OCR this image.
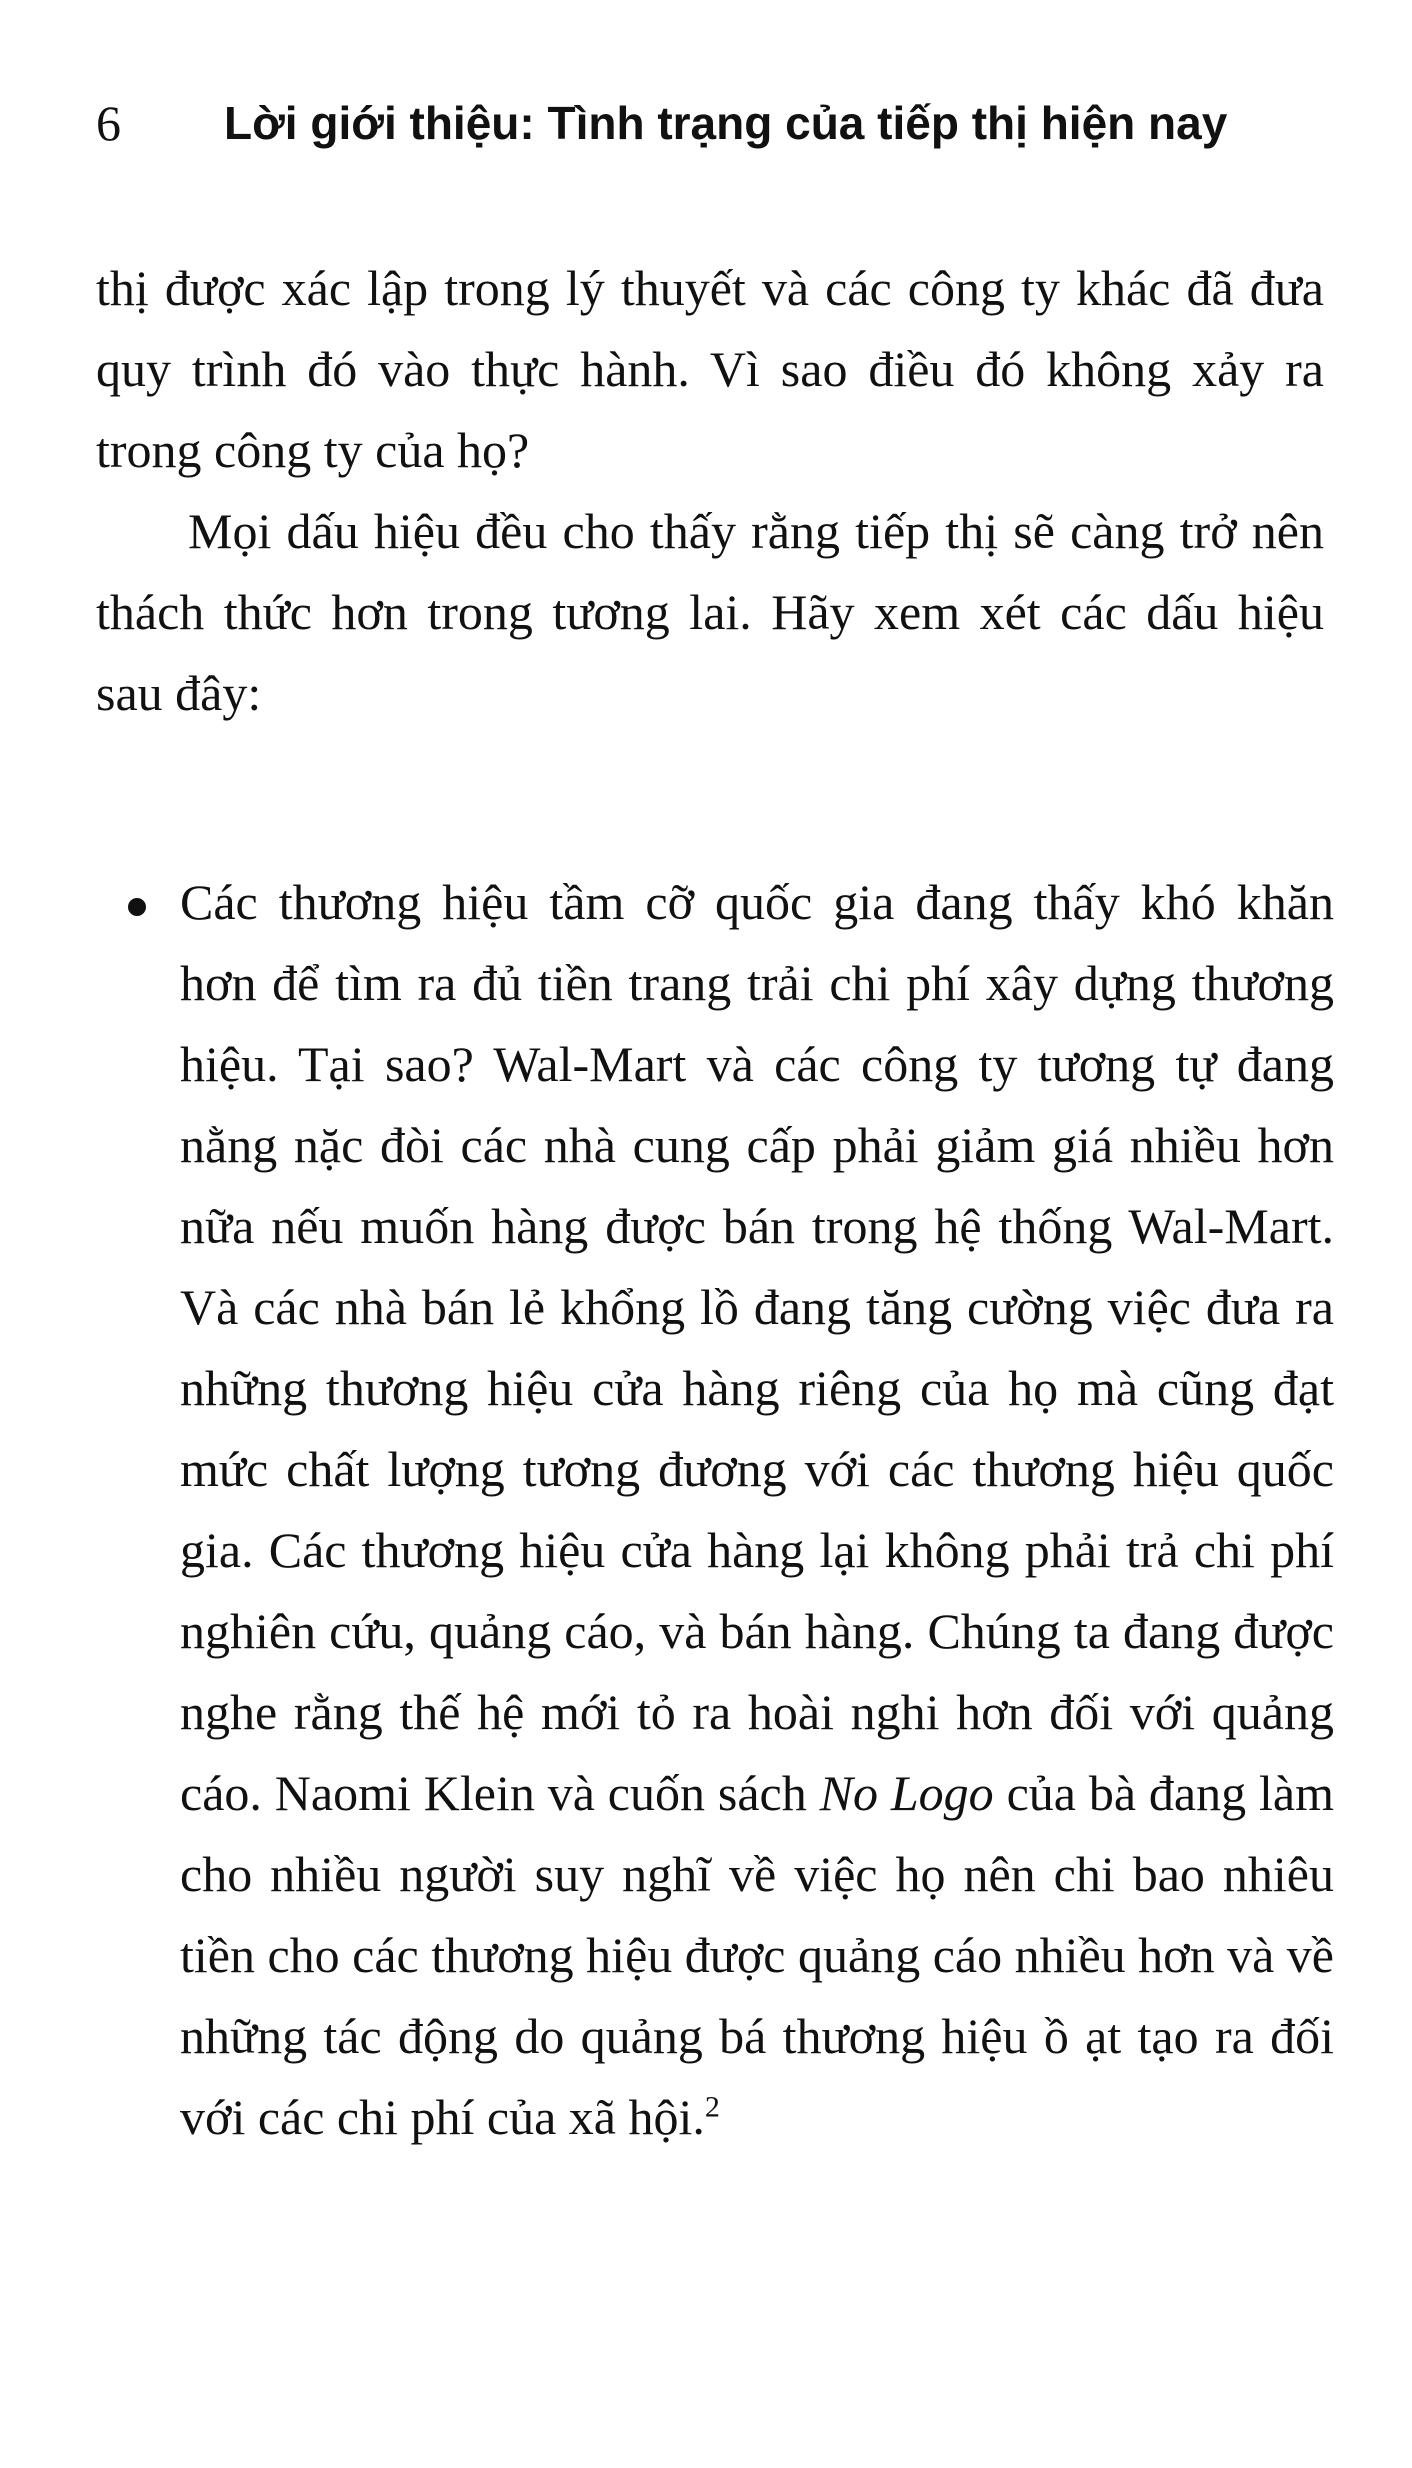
6 Lời giới thiệu: Tình trạng của tiếp thị hiện nay

thị được xác lập trong lý thuyết và các công ty khác đã đưa quy trình đó vào thực hành. Vì sao điều đó không xảy ra trong công ty của họ?

Mọi dấu hiệu đều cho thấy rằng tiếp thị sẽ càng trở nên thách thức hơn trong tương lai. Hãy xem xét các dấu hiệu sau đây:

Các thương hiệu tầm cỡ quốc gia đang thấy khó khăn hơn để tìm ra đủ tiền trang trải chi phí xây dựng thương hiệu. Tại sao? Wal-Mart và các công ty tương tự đang nằng nặc đòi các nhà cung cấp phải giảm giá nhiều hơn nữa nếu muốn hàng được bán trong hệ thống Wal-Mart. Và các nhà bán lẻ khổng lồ đang tăng cường việc đưa ra những thương hiệu cửa hàng riêng của họ mà cũng đạt mức chất lượng tương đương với các thương hiệu quốc gia. Các thương hiệu cửa hàng lại không phải trả chi phí nghiên cứu, quảng cáo, và bán hàng. Chúng ta đang được nghe rằng thế hệ mới tỏ ra hoài nghi hơn đối với quảng cáo. Naomi Klein và cuốn sách No Logo của bà đang làm cho nhiều người suy nghĩ về việc họ nên chi bao nhiêu tiền cho các thương hiệu được quảng cáo nhiều hơn và về những tác động do quảng bá thương hiệu ồ ạt tạo ra đối với các chi phí của xã hội.$^2$
